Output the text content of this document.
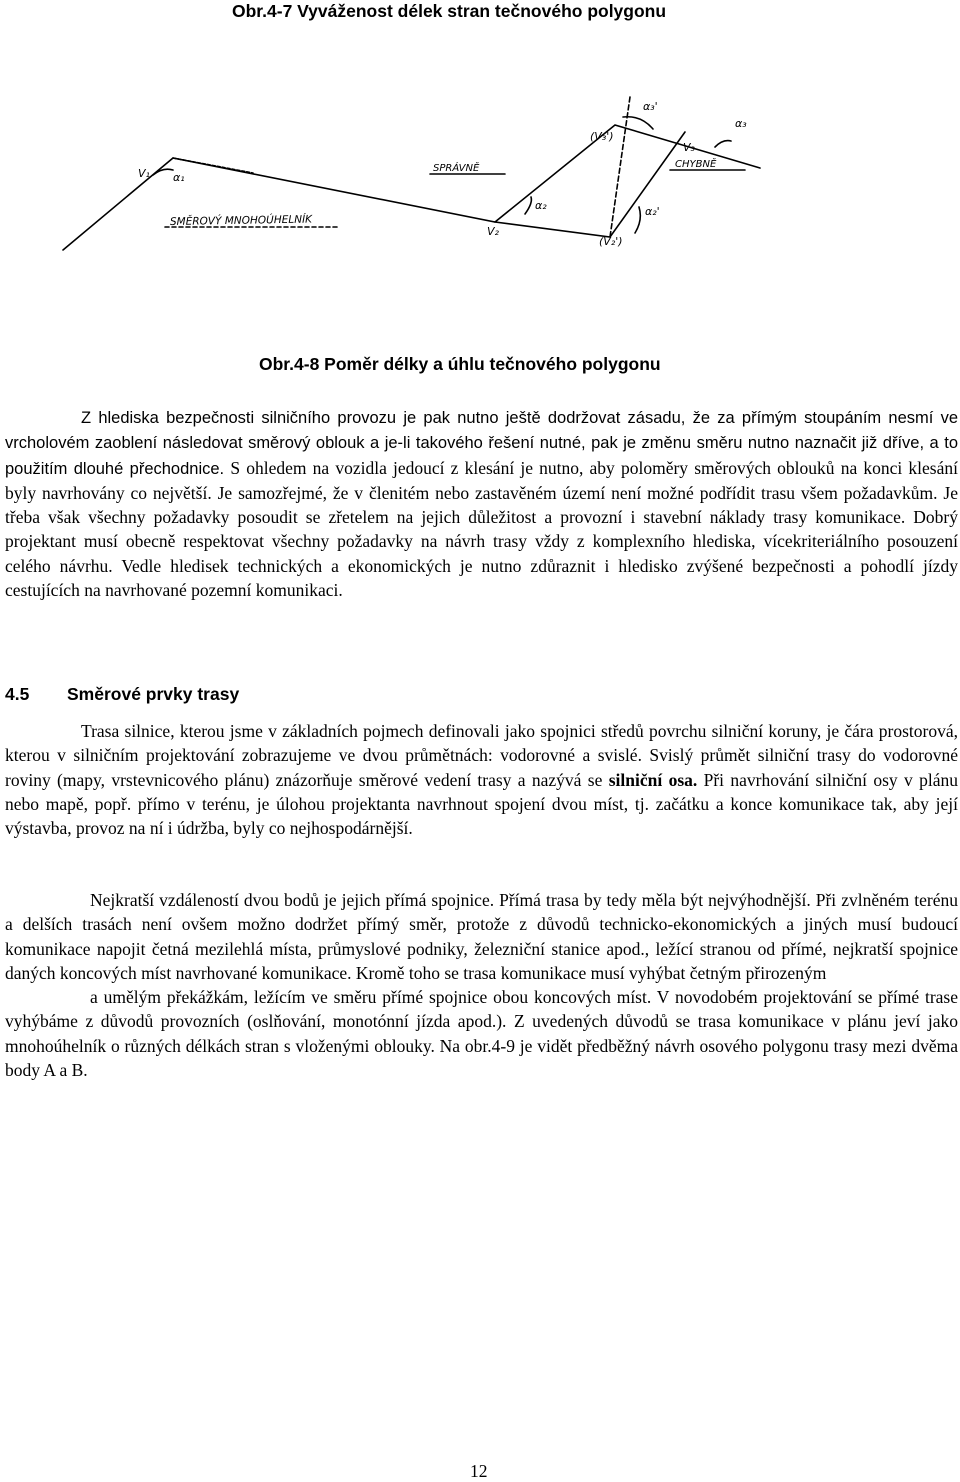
Obr.4-7 Vyváženost délek stran tečnového polygonu
V₁ α₁
SMĚROVÝ MNOHOÚHELNÍK
SPRÁVNĚ	CHYBNĚ
V₂
α₂
(V₂')
α₂'
(V₃')
α₃'
V₃
α₃
Obr.4-8 Poměr délky a úhlu tečnového polygonu

Z hlediska bezpečnosti silničního provozu je pak nutno ještě dodržovat zásadu, že za přímým stoupáním nesmí ve vrcholovém zaoblení následovat směrový oblouk a je-li takového řešení nutné, pak je změnu směru nutno naznačit již dříve, a to použitím dlouhé přechodnice. S ohledem na vozidla jedoucí z klesání je nutno, aby poloměry směrových oblouků na konci klesání byly navrhovány co největší. Je samozřejmé, že v členitém nebo zastavěném území není možné podřídit trasu všem požadavkům. Je třeba však všechny požadavky posoudit se zřetelem na jejich důležitost a provozní i stavební náklady trasy komunikace. Dobrý projektant musí obecně respektovat všechny požadavky na návrh trasy vždy z komplexního hlediska, vícekriteriálního posouzení celého návrhu. Vedle hledisek technických a ekonomických je nutno zdůraznit i hledisko zvýšené bezpečnosti a pohodlí jízdy cestujících na navrhované pozemní komunikaci.

4.5 Směrové prvky trasy

Trasa silnice, kterou jsme v základních pojmech definovali jako spojnici středů povrchu silniční koruny, je čára prostorová, kterou v silničním projektování zobrazujeme ve dvou průmětnách: vodorovné a svislé. Svislý průmět silniční trasy do vodorovné roviny (mapy, vrstevnicového plánu) znázorňuje směrové vedení trasy a nazývá se silniční osa. Při navrhování silniční osy v plánu nebo mapě, popř. přímo v terénu, je úlohou projektanta navrhnout spojení dvou míst, tj. začátku a konce komunikace tak, aby její výstavba, provoz na ní i údržba, byly co nejhospodárnější.

Nejkratší vzdáleností dvou bodů je jejich přímá spojnice. Přímá trasa by tedy měla být nejvýhodnější. Při zvlněném terénu a delších trasách není ovšem možno dodržet přímý směr, protože z důvodů technicko-ekonomických a jiných musí budoucí komunikace napojit četná mezilehlá místa, průmyslové podniky, železniční stanice apod., ležící stranou od přímé, nejkratší spojnice daných koncových míst navrhované komunikace. Kromě toho se trasa komunikace musí vyhýbat četným přirozeným
a umělým překážkám, ležícím ve směru přímé spojnice obou koncových míst. V novodobém projektování se přímé trase vyhýbáme z důvodů provozních (oslňování, monotónní jízda apod.). Z uvedených důvodů se trasa komunikace v plánu jeví jako mnohoúhelník o různých délkách stran s vloženými oblouky. Na obr.4-9 je vidět předběžný návrh osového polygonu trasy mezi dvěma body A a B.

12
